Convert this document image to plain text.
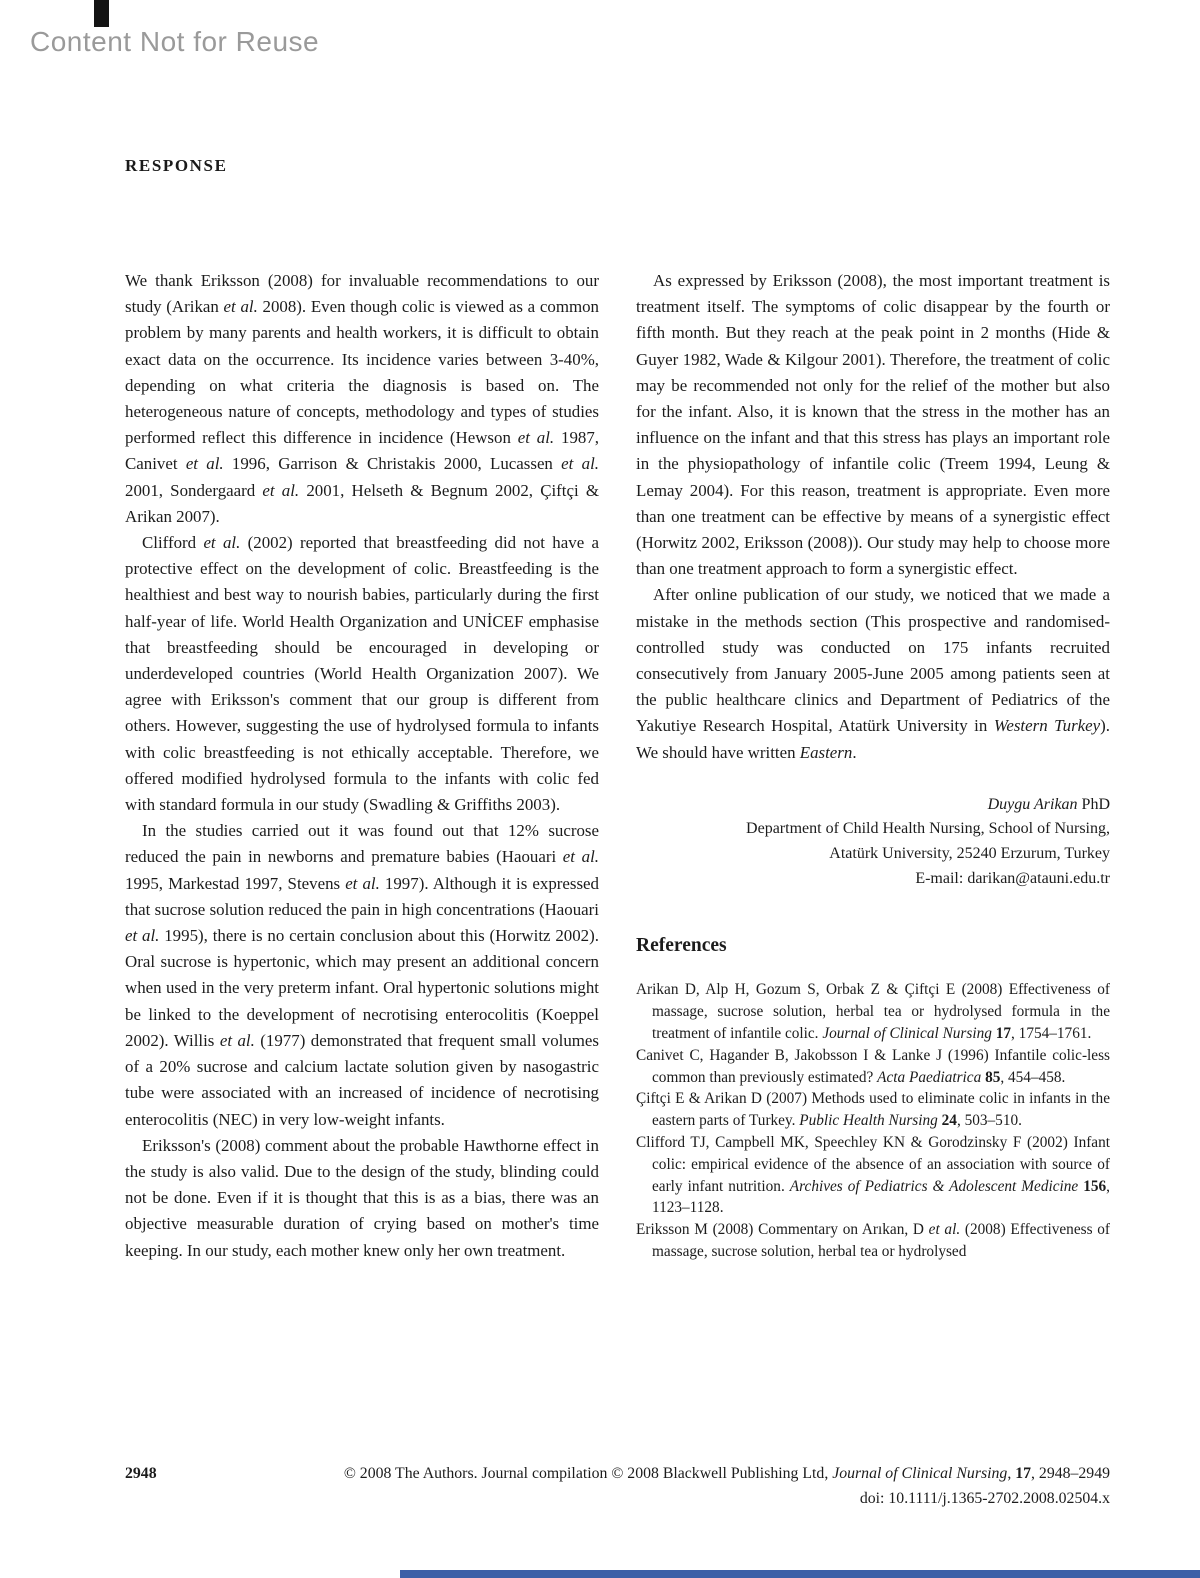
Content Not for Reuse
RESPONSE

We thank Eriksson (2008) for invaluable recommendations to our study (Arikan et al. 2008). Even though colic is viewed as a common problem by many parents and health workers, it is difficult to obtain exact data on the occurrence. Its incidence varies between 3-40%, depending on what criteria the diagnosis is based on. The heterogeneous nature of concepts, methodology and types of studies performed reflect this difference in incidence (Hewson et al. 1987, Canivet et al. 1996, Garrison & Christakis 2000, Lucassen et al. 2001, Sondergaard et al. 2001, Helseth & Begnum 2002, Çiftçi & Arikan 2007).

Clifford et al. (2002) reported that breastfeeding did not have a protective effect on the development of colic. Breastfeeding is the healthiest and best way to nourish babies, particularly during the first half-year of life. World Health Organization and UNİCEF emphasise that breastfeeding should be encouraged in developing or underdeveloped countries (World Health Organization 2007). We agree with Eriksson's comment that our group is different from others. However, suggesting the use of hydrolysed formula to infants with colic breastfeeding is not ethically acceptable. Therefore, we offered modified hydrolysed formula to the infants with colic fed with standard formula in our study (Swadling & Griffiths 2003).

In the studies carried out it was found out that 12% sucrose reduced the pain in newborns and premature babies (Haouari et al. 1995, Markestad 1997, Stevens et al. 1997). Although it is expressed that sucrose solution reduced the pain in high concentrations (Haouari et al. 1995), there is no certain conclusion about this (Horwitz 2002). Oral sucrose is hypertonic, which may present an additional concern when used in the very preterm infant. Oral hypertonic solutions might be linked to the development of necrotising enterocolitis (Koeppel 2002). Willis et al. (1977) demonstrated that frequent small volumes of a 20% sucrose and calcium lactate solution given by nasogastric tube were associated with an increased of incidence of necrotising enterocolitis (NEC) in very low-weight infants.

Eriksson's (2008) comment about the probable Hawthorne effect in the study is also valid. Due to the design of the study, blinding could not be done. Even if it is thought that this is as a bias, there was an objective measurable duration of crying based on mother's time keeping. In our study, each mother knew only her own treatment.

As expressed by Eriksson (2008), the most important treatment is treatment itself. The symptoms of colic disappear by the fourth or fifth month. But they reach at the peak point in 2 months (Hide & Guyer 1982, Wade & Kilgour 2001). Therefore, the treatment of colic may be recommended not only for the relief of the mother but also for the infant. Also, it is known that the stress in the mother has an influence on the infant and that this stress has plays an important role in the physiopathology of infantile colic (Treem 1994, Leung & Lemay 2004). For this reason, treatment is appropriate. Even more than one treatment can be effective by means of a synergistic effect (Horwitz 2002, Eriksson (2008)). Our study may help to choose more than one treatment approach to form a synergistic effect.

After online publication of our study, we noticed that we made a mistake in the methods section (This prospective and randomised-controlled study was conducted on 175 infants recruited consecutively from January 2005-June 2005 among patients seen at the public healthcare clinics and Department of Pediatrics of the Yakutiye Research Hospital, Atatürk University in Western Turkey). We should have written Eastern.

Duygu Arikan PhD
Department of Child Health Nursing, School of Nursing,
Atatürk University, 25240 Erzurum, Turkey
E-mail: darikan@atauni.edu.tr
References

Arikan D, Alp H, Gozum S, Orbak Z & Çiftçi E (2008) Effectiveness of massage, sucrose solution, herbal tea or hydrolysed formula in the treatment of infantile colic. Journal of Clinical Nursing 17, 1754–1761.

Canivet C, Hagander B, Jakobsson I & Lanke J (1996) Infantile colic-less common than previously estimated? Acta Paediatrica 85, 454–458.

Çiftçi E & Arikan D (2007) Methods used to eliminate colic in infants in the eastern parts of Turkey. Public Health Nursing 24, 503–510.

Clifford TJ, Campbell MK, Speechley KN & Gorodzinsky F (2002) Infant colic: empirical evidence of the absence of an association with source of early infant nutrition. Archives of Pediatrics & Adolescent Medicine 156, 1123–1128.

Eriksson M (2008) Commentary on Arıkan, D et al. (2008) Effectiveness of massage, sucrose solution, herbal tea or hydrolysed

2948	© 2008 The Authors. Journal compilation © 2008 Blackwell Publishing Ltd, Journal of Clinical Nursing, 17, 2948–2949
doi: 10.1111/j.1365-2702.2008.02504.x
